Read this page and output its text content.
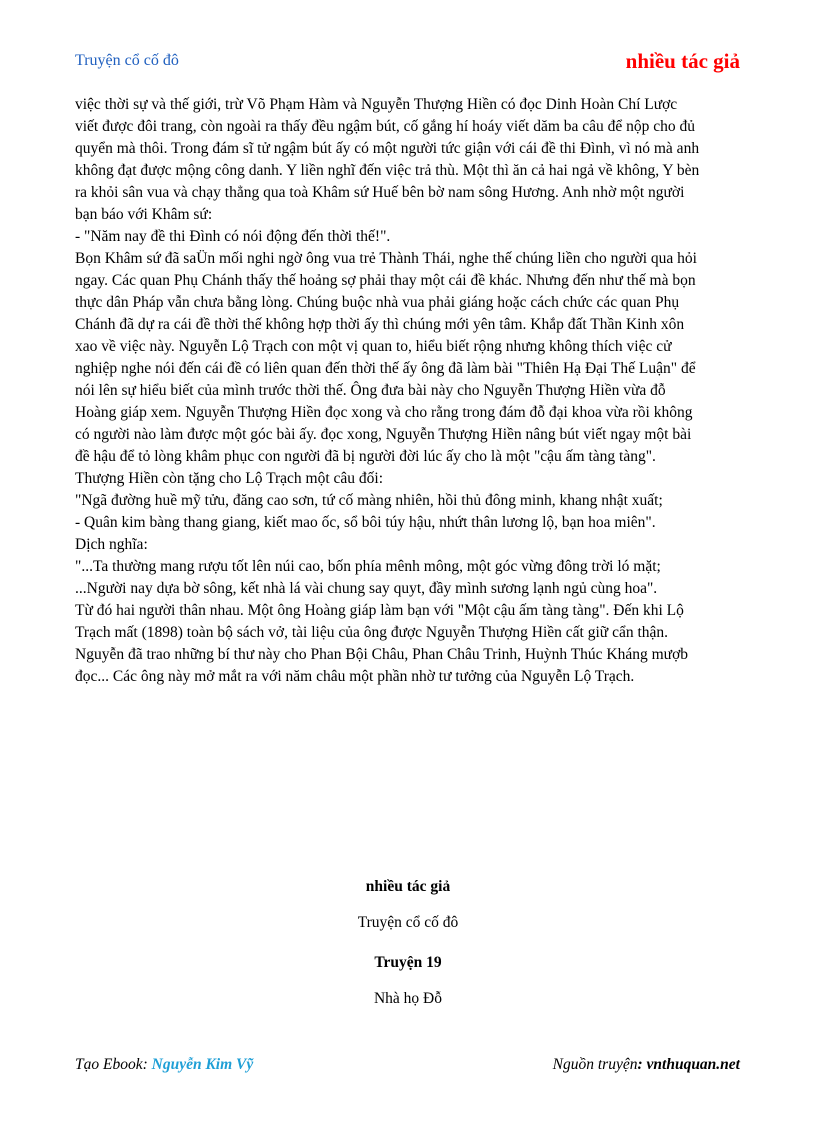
Truyện cổ cố đô	nhiều tác giả
việc thời sự và thế giới, trừ Võ Phạm Hàm và Nguyễn Thượng Hiền có đọc Dinh Hoàn Chí Lược
viết được đôi trang, còn ngoài ra thấy đều ngậm bút, cố gắng hí hoáy viết dăm ba câu để nộp cho đủ
quyển mà thôi. Trong đám sĩ tử ngậm bút ấy có một người tức giận với cái đề thi Đình, vì nó mà anh
không đạt được mộng công danh. Y liền nghĩ đến việc trả thù. Một thì ăn cả hai ngả về không, Y bèn
ra khỏi sân vua và chạy thẳng qua toà Khâm sứ Huế bên bờ nam sông Hương. Anh nhờ một người
bạn báo với Khâm sứ:
- "Năm nay đề thi Đình có nói động đến thời thế!".
Bọn Khâm sứ đã saÜn mối nghi ngờ ông vua trẻ Thành Thái, nghe thế chúng liền cho người qua hỏi
ngay. Các quan Phụ Chánh thấy thế hoảng sợ phải thay một cái đề khác. Nhưng đến như thế mà bọn
thực dân Pháp vẫn chưa bằng lòng. Chúng buộc nhà vua phải giáng hoặc cách chức các quan Phụ
Chánh đã dự ra cái đề thời thế không hợp thời ấy thì chúng mới yên tâm. Khắp đất Thần Kinh xôn
xao về việc này. Nguyễn Lộ Trạch con một vị quan to, hiểu biết rộng nhưng không thích việc cử
nghiệp nghe nói đến cái đề có liên quan đến thời thế ấy ông đã làm bài "Thiên Hạ Đại Thế Luận" để
nói lên sự hiểu biết của mình trước thời thế. Ông đưa bài này cho Nguyễn Thượng Hiền vừa đỗ
Hoàng giáp xem. Nguyễn Thượng Hiền đọc xong và cho rằng trong đám đỗ đại khoa vừa rồi không
có người nào làm được một góc bài ấy. đọc xong, Nguyễn Thượng Hiền nâng bút viết ngay một bài
đề hậu để tỏ lòng khâm phục con người đã bị người đời lúc ấy cho là một "cậu ấm tàng tàng".
Thượng Hiền còn tặng cho Lộ Trạch một câu đối:
"Ngã đường huề mỹ tửu, đăng cao sơn, tứ cố màng nhiên, hồi thủ đông minh, khang nhật xuất;
- Quân kim bàng thang giang, kiết mao ốc, sổ bôi túy hậu, nhứt thân lương lộ, bạn hoa miên".
Dịch nghĩa:
"...Ta thường mang rượu tốt lên núi cao, bốn phía mênh mông, một góc vừng đông trời ló mặt;
...Người nay dựa bờ sông, kết nhà lá vài chung say quyt, đầy mình sương lạnh ngủ cùng hoa".
Từ đó hai người thân nhau. Một ông Hoàng giáp làm bạn với "Một cậu ấm tàng tàng". Đến khi Lộ
Trạch mất (1898) toàn bộ sách vở, tài liệu của ông được Nguyễn Thượng Hiền cất giữ cẩn thận.
Nguyễn đã trao những bí thư này cho Phan Bội Châu, Phan Châu Trinh, Huỳnh Thúc Kháng mượb
đọc... Các ông này mở mắt ra với năm châu một phần nhờ tư tưởng của Nguyễn Lộ Trạch.
nhiều tác giả
Truyện cổ cố đô
Truyện 19
Nhà họ Đỗ
Tạo Ebook: Nguyễn Kim Vỹ	Nguồn truyện: vnthuquan.net
